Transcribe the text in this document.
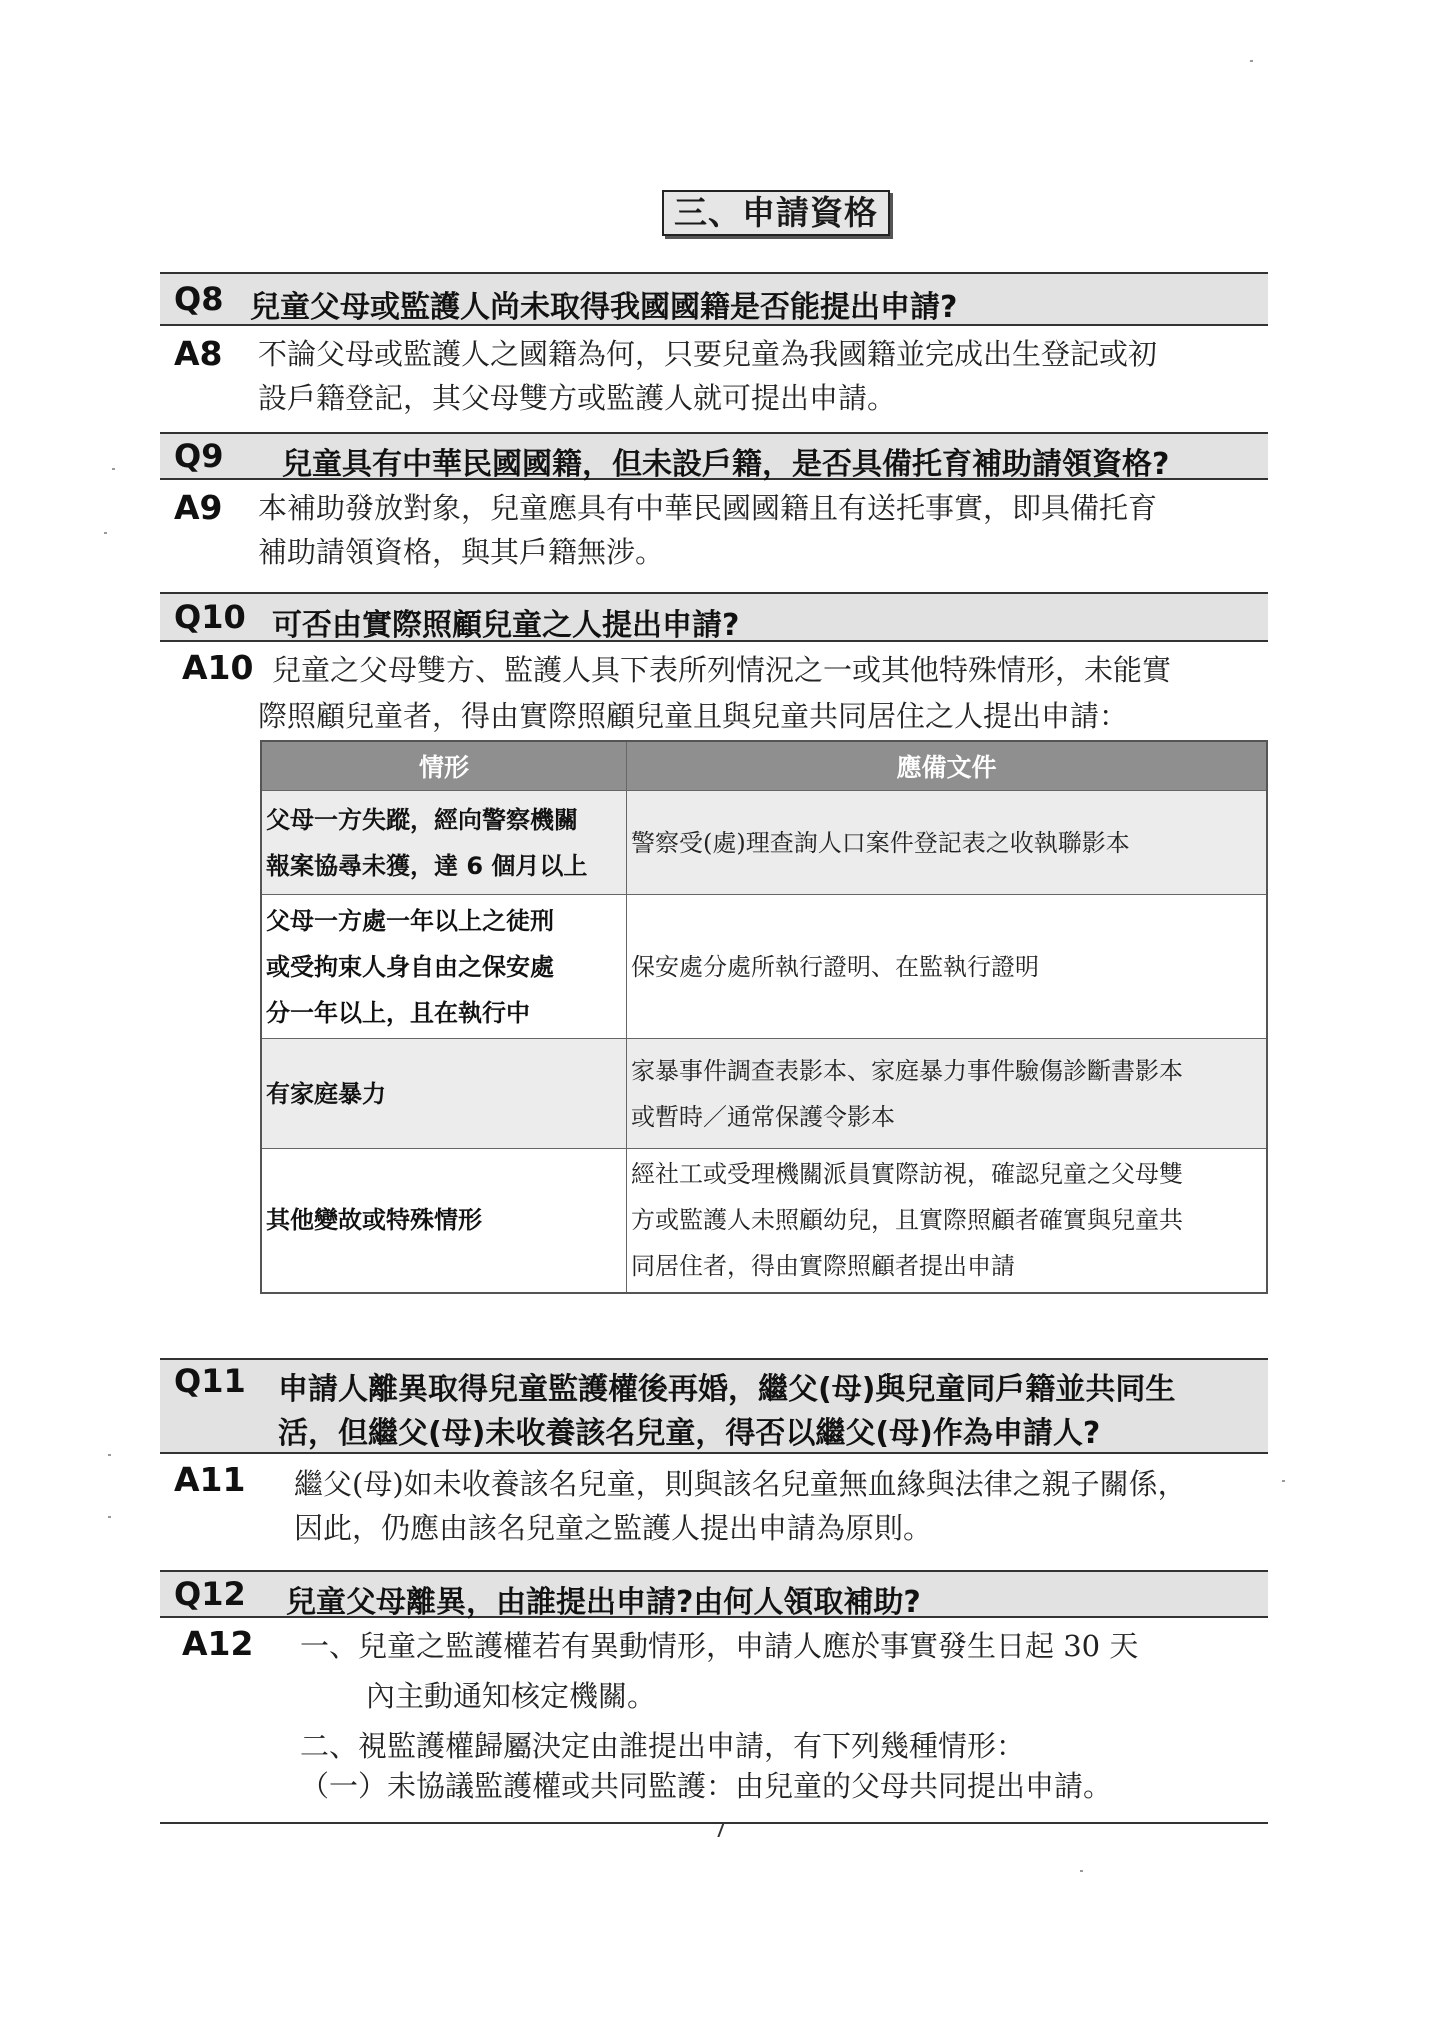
三、申請資格
Q8 兒童父母或監護人尚未取得我國國籍是否能提出申請?
A8 不論父母或監護人之國籍為何，只要兒童為我國籍並完成出生登記或初
設戶籍登記，其父母雙方或監護人就可提出申請。
Q9 兒童具有中華民國國籍，但未設戶籍，是否具備托育補助請領資格?
A9 本補助發放對象，兒童應具有中華民國國籍且有送托事實，即具備托育
補助請領資格，與其戶籍無涉。
Q10 可否由實際照顧兒童之人提出申請?
A10 兒童之父母雙方、監護人具下表所列情況之一或其他特殊情形，未能實
際照顧兒童者，得由實際照顧兒童且與兒童共同居住之人提出申請：
情形	應備文件

父母一方失蹤，經向警察機關
報案協尋未獲，達 6 個月以上	警察受(處)理查詢人口案件登記表之收執聯影本

父母一方處一年以上之徒刑
或受拘束人身自由之保安處
分一年以上，且在執行中	保安處分處所執行證明、在監執行證明

有家庭暴力	家暴事件調查表影本、家庭暴力事件驗傷診斷書影本
或暫時／通常保護令影本

其他變故或特殊情形	經社工或受理機關派員實際訪視，確認兒童之父母雙
方或監護人未照顧幼兒，且實際照顧者確實與兒童共
同居住者，得由實際照顧者提出申請
Q11 申請人離異取得兒童監護權後再婚，繼父(母)與兒童同戶籍並共同生
活，但繼父(母)未收養該名兒童，得否以繼父(母)作為申請人?
A11 繼父(母)如未收養該名兒童，則與該名兒童無血緣與法律之親子關係，
因此，仍應由該名兒童之監護人提出申請為原則。
Q12 兒童父母離異，由誰提出申請?由何人領取補助?
A12 一、兒童之監護權若有異動情形，申請人應於事實發生日起 30 天
內主動通知核定機關。
二、視監護權歸屬決定由誰提出申請，有下列幾種情形：
（一）未協議監護權或共同監護：由兒童的父母共同提出申請。
7
